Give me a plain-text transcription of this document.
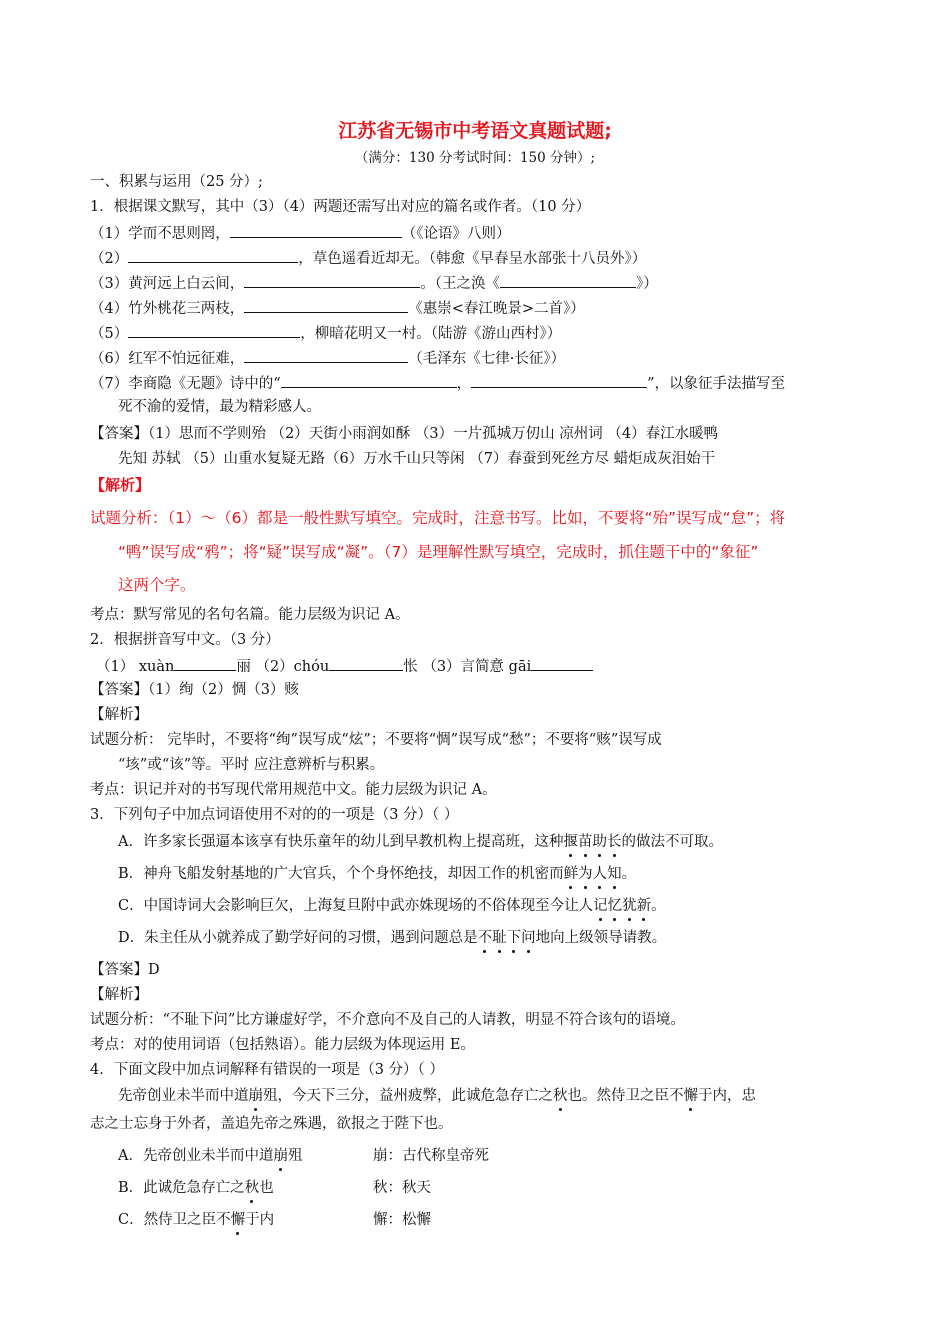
江苏省无锡市中考语文真题试题;
（满分：130 分考试时间：150 分钟）;
一、积累与运用（25 分）;
1．根据课文默写，其中（3）（4）两题还需写出对应的篇名或作者。（10 分）
（1）学而不思则罔，	（《论语》八则）
（2）	，草色遥看近却无。（韩愈《早春呈水部张十八员外》）
（3）黄河远上白云间，	。（王之涣《	》）
（4）竹外桃花三两枝，	《惠崇<春江晚景>二首》）
（5）	，柳暗花明又一村。（陆游《游山西村》）
（6）红军不怕远征难，	（毛泽东《七律·长征》）
（7）李商隐《无题》诗中的“	，	”，以象征手法描写至
死不渝的爱情，最为精彩感人。
【答案】（1）思而不学则殆 （2）天街小雨润如酥 （3）一片孤城万仞山 凉州词 （4）春江水暖鸭
先知 苏轼 （5）山重水复疑无路（6）万水千山只等闲 （7）春蚕到死丝方尽 蜡炬成灰泪始干
【解析】
试题分析：（1）～（6）都是一般性默写填空。完成时，注意书写。比如，不要将“殆”误写成“怠”；将
“鸭”误写成“鸦”；将“疑”误写成“凝”。（7）是理解性默写填空，完成时，抓住题干中的“象征”
这两个字。
考点：默写常见的名句名篇。能力层级为识记 A。
2．根据拼音写中文。（3 分）
（1） xuàn	丽 （2）chóu	怅 （3）言简意 gāi
【答案】（1）绚（2）惆（3）赅
【解析】
试题分析： 完毕时，不要将“绚”误写成“炫”；不要将“惆”误写成“愁”；不要将“赅”误写成
“垓”或“该”等。平时 应注意辨析与积累。
考点：识记并对的书写现代常用规范中文。能力层级为识记 A。
3．下列句子中加点词语使用不对的的一项是（3 分）（ ）
A．许多家长强逼本该享有快乐童年的幼儿到早教机构上提高班，这种揠苗助长的做法不可取。
B．神舟飞船发射基地的广大官兵，个个身怀绝技，却因工作的机密而鲜为人知。
C．中国诗词大会影响巨欠，上海复旦附中武亦姝现场的不俗体现至今让人记忆犹新。
D．朱主任从小就养成了勤学好问的习惯，遇到问题总是不耻下问地向上级领导请教。
【答案】D
【解析】
试题分析：“不耻下问”比方谦虚好学，不介意向不及自己的人请教，明显不符合该句的语境。
考点：对的使用词语（包括熟语）。能力层级为体现运用 E。
4．下面文段中加点词解释有错误的一项是（3 分）（ ）
先帝创业未半而中道崩殂，今天下三分，益州疲弊，此诚危急存亡之秋也。然侍卫之臣不懈于内，忠
志之士忘身于外者，盖追先帝之殊遇，欲报之于陛下也。
A．先帝创业未半而中道崩殂	崩：古代称皇帝死
B．此诚危急存亡之秋也	秋：秋天
C．然侍卫之臣不懈于内	懈：松懈
